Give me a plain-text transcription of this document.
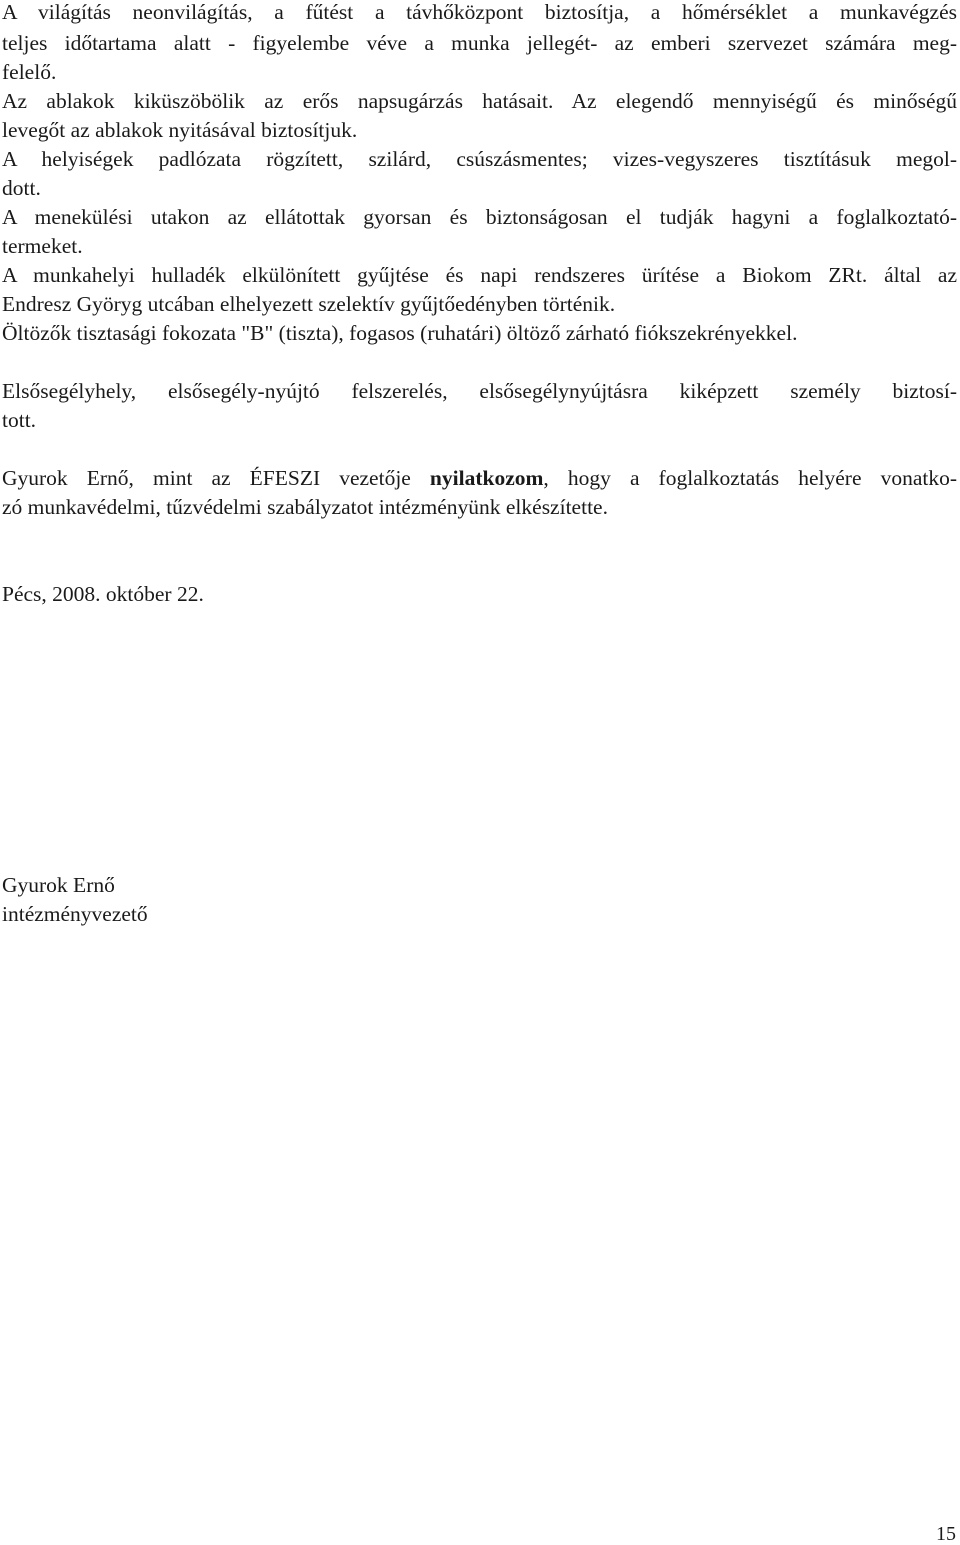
A világítás neonvilágítás, a fűtést a távhőközpont biztosítja, a hőmérséklet a munkavégzés
teljes időtartama alatt - figyelembe véve a munka jellegét- az emberi szervezet számára meg-
felelő.
Az ablakok kiküszöbölik az erős napsugárzás hatásait. Az elegendő mennyiségű és minőségű
levegőt az ablakok nyitásával biztosítjuk.
A helyiségek padlózata rögzített, szilárd, csúszásmentes; vizes-vegyszeres tisztításuk megol-
dott.
A menekülési utakon az ellátottak gyorsan és biztonságosan el tudják hagyni a foglalkoztató-
termeket.
A munkahelyi hulladék elkülönített gyűjtése és napi rendszeres ürítése a Biokom ZRt. által az
Endresz Györyg utcában elhelyezett szelektív gyűjtőedényben történik.
Öltözők tisztasági fokozata "B" (tiszta), fogasos (ruhatári) öltöző zárható fiókszekrényekkel.
Elsősegélyhely, elsősegély-nyújtó felszerelés, elsősegélynyújtásra kiképzett személy biztosí-
tott.
Gyurok Ernő, mint az ÉFESZI vezetője nyilatkozom, hogy a foglalkoztatás helyére vonatko-
zó munkavédelmi, tűzvédelmi szabályzatot intézményünk elkészítette.
Pécs, 2008. október 22.
Gyurok Ernő
intézményvezető
15
